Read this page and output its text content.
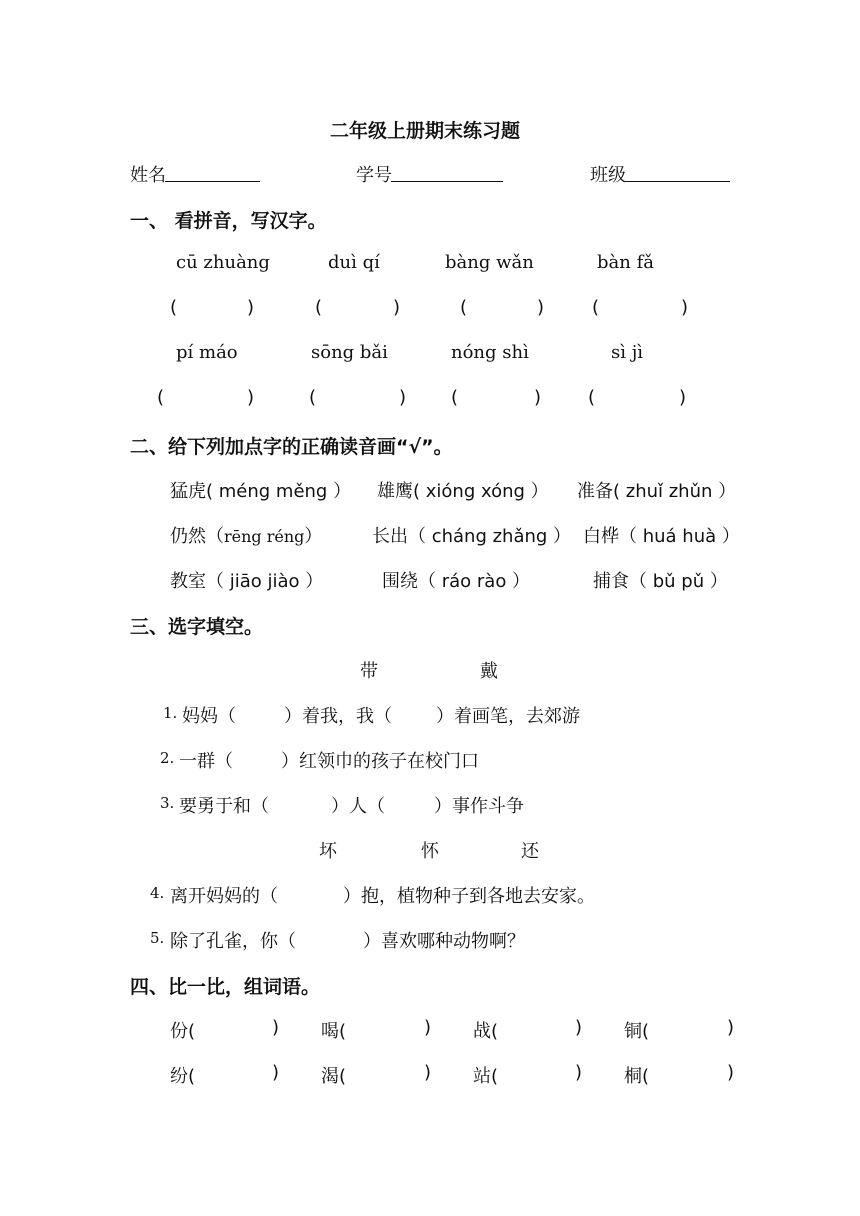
二年级上册期末练习题
姓名	学号	班级
一、 看拼音，写汉字。
cū zhuàng	duì qí	bàng wǎn	bàn fǎ
(	)	(	)	(	)	(	)
pí máo	sōng bǎi	nóng shì	sì jì
(	)	(	) (	)	(	)
二、给下列加点字的正确读音画“√”。
猛虎( méng měng ） 雄鹰( xióng xóng ） 准备( zhuǐ zhǔn ）
仍然（rēng réng）	长出（ cháng zhǎng ） 白桦（ huá huà ）
教室（ jiāo jiào ）	围绕（ ráo rào ）	捕食（ bǔ pǔ ）
三、选字填空。
带	戴
1. 妈妈（	）着我，我（ ）着画笔，去郊游
2. 一群（	）红领巾的孩子在校门口
3. 要勇于和（	）人（	）事作斗争
坏	怀	还
4. 离开妈妈的（	）抱，植物种子到各地去安家。
5. 除了孔雀，你（	）喜欢哪种动物啊？
四、比一比，组词语。
份(	) 喝(	) 战(	) 铜(	)
纷(	) 渴(	) 站(	) 桐(	)
